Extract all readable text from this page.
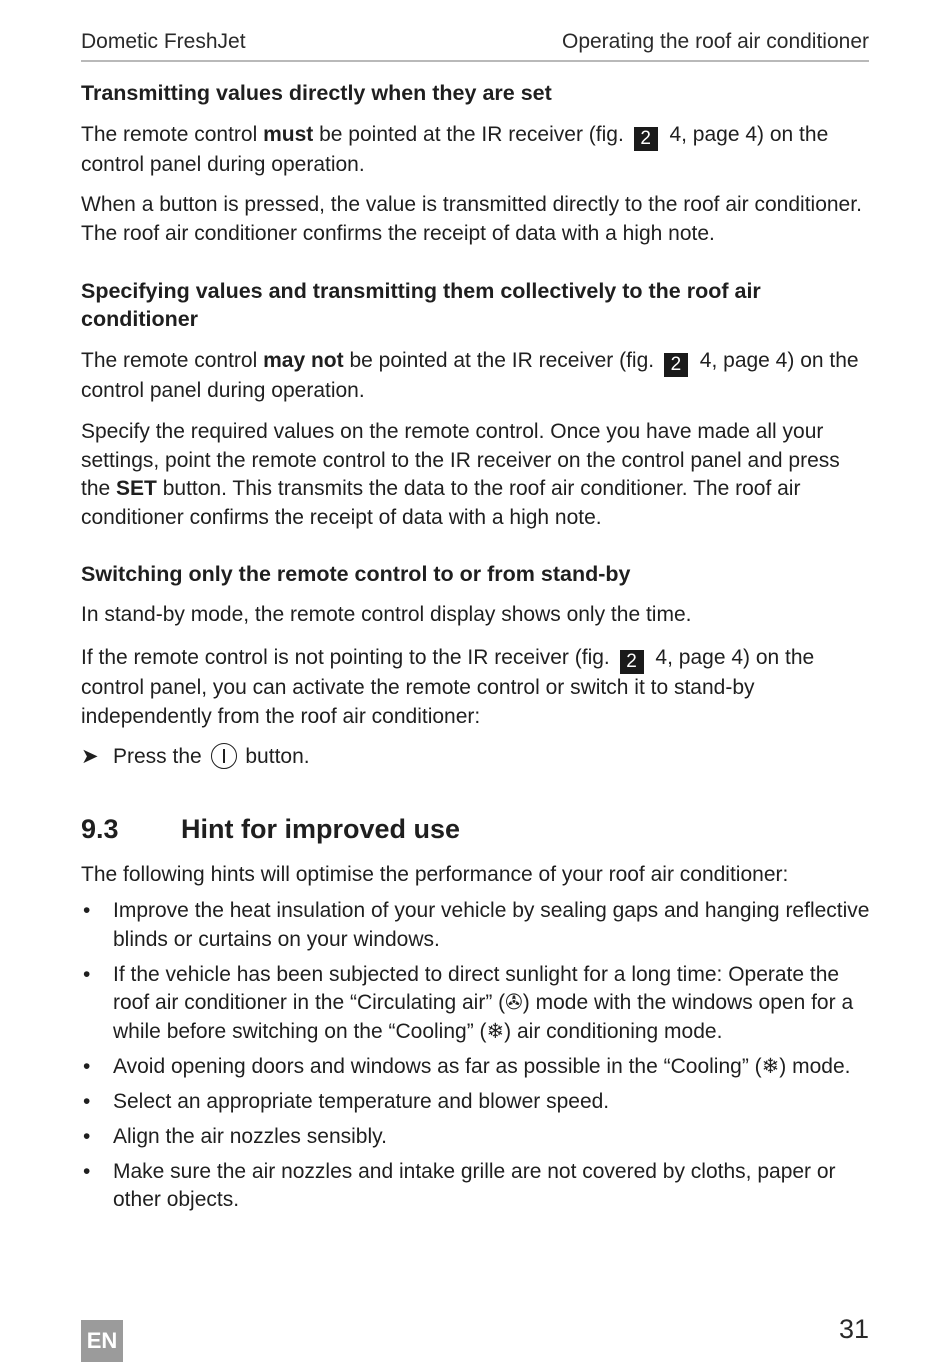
Dometic FreshJet	Operating the roof air conditioner
Transmitting values directly when they are set

The remote control must be pointed at the IR receiver (fig. 2 4, page 4) on the control panel during operation.

When a button is pressed, the value is transmitted directly to the roof air conditioner. The roof air conditioner confirms the receipt of data with a high note.

Specifying values and transmitting them collectively to the roof air conditioner

The remote control may not be pointed at the IR receiver (fig. 2 4, page 4) on the control panel during operation.

Specify the required values on the remote control. Once you have made all your settings, point the remote control to the IR receiver on the control panel and press the SET button. This transmits the data to the roof air conditioner. The roof air conditioner confirms the receipt of data with a high note.

Switching only the remote control to or from stand-by

In stand-by mode, the remote control display shows only the time.

If the remote control is not pointing to the IR receiver (fig. 2 4, page 4) on the control panel, you can activate the remote control or switch it to stand-by independently from the roof air conditioner:

➤ Press the  button.
9.3 Hint for improved use

The following hints will optimise the performance of your roof air conditioner:

• Improve the heat insulation of your vehicle by sealing gaps and hanging reflective blinds or curtains on your windows.
• If the vehicle has been subjected to direct sunlight for a long time: Operate the roof air conditioner in the “Circulating air” (✇) mode with the windows open for a while before switching on the “Cooling” (❄) air conditioning mode.
• Avoid opening doors and windows as far as possible in the “Cooling” (❄) mode.
• Select an appropriate temperature and blower speed.
• Align the air nozzles sensibly.
• Make sure the air nozzles and intake grille are not covered by cloths, paper or other objects.
EN	31
